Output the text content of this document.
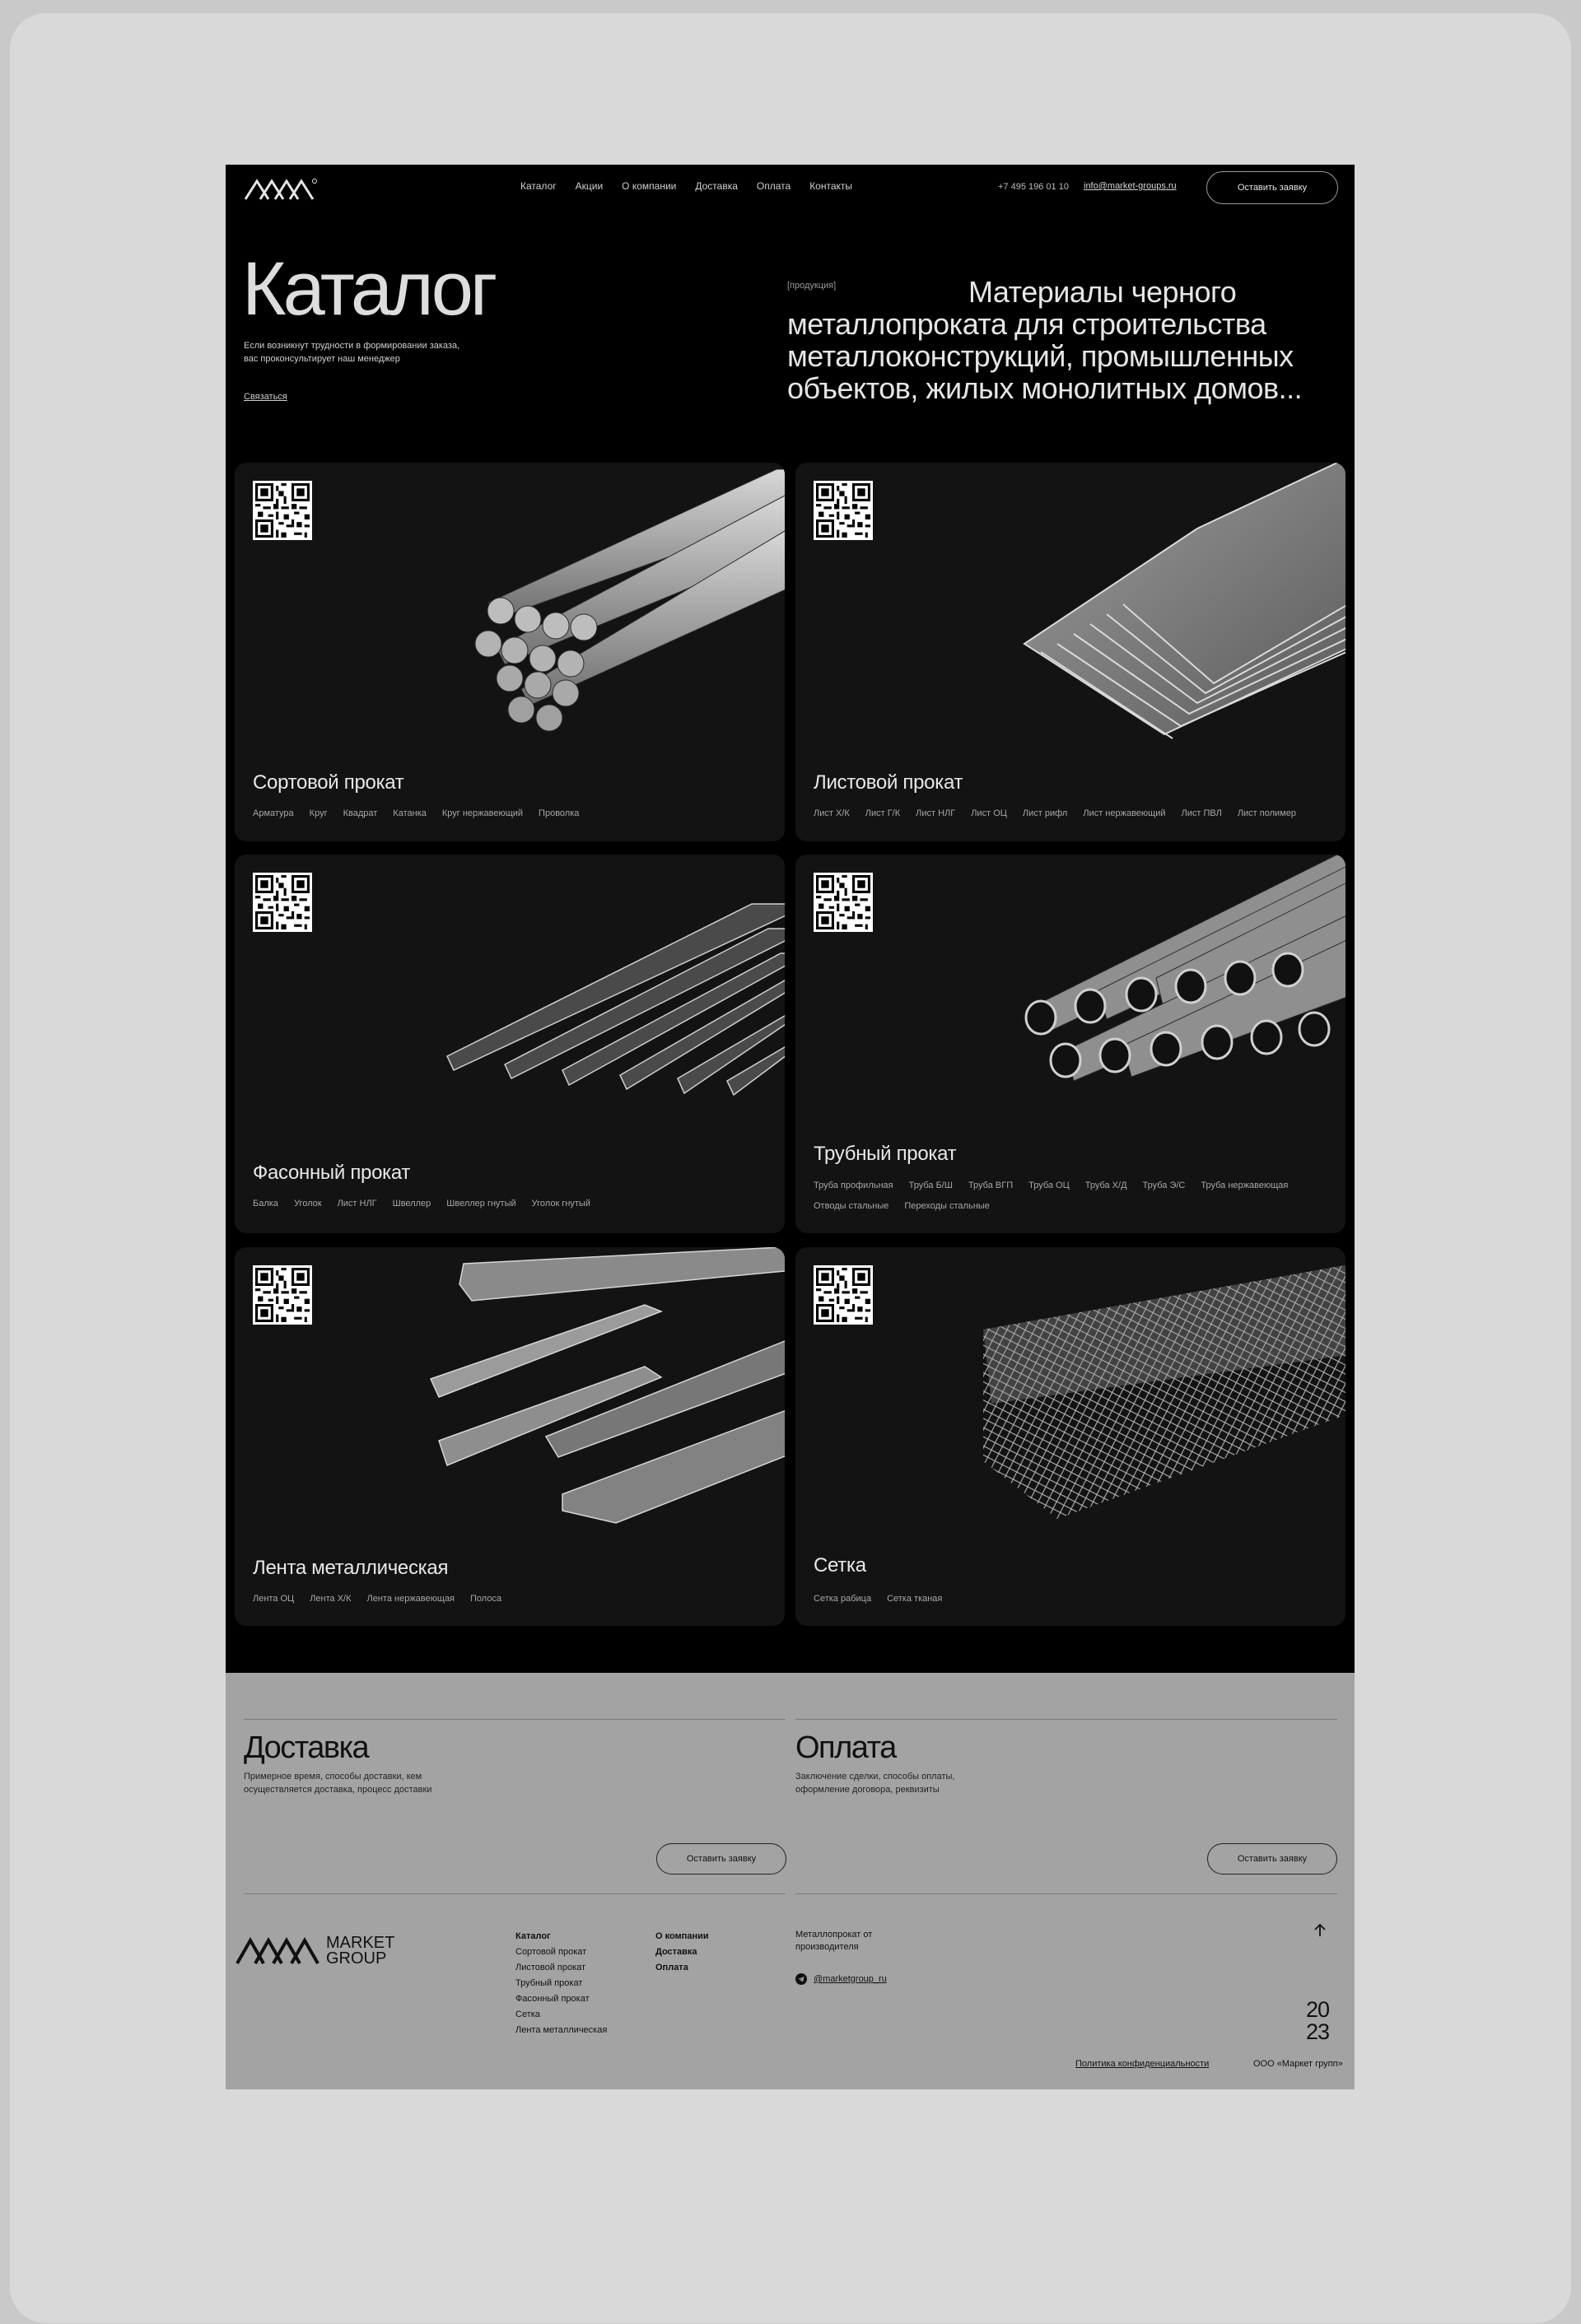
Каталог Акции О компании Доставка Оплата Контакты	+7 495 196 01 10 info@market-groups.ru	Оставить заявку
Каталог
Если возникнут трудности в формировании заказа, вас проконсультирует наш менеджер
Связаться
[продукция]	Материалы черного металлопроката для строительства металлоконструкций, промышленных объектов, жилых монолитных домов...
Сортовой прокат
Арматура Круг Квадрат Катанка Круг нержавеющий Проволка
Листовой прокат
Лист Х/К Лист Г/К Лист НЛГ Лист ОЦ Лист рифл Лист нержавеющий Лист ПВЛ Лист полимер
Фасонный прокат
Балка Уголок Лист НЛГ Швеллер Швеллер гнутый Уголок гнутый
Трубный прокат
Труба профильная Труба Б/Ш Труба ВГП Труба ОЦ Труба Х/Д Труба Э/С Труба нержавеющая
Отводы стальные Переходы стальные
Лента металлическая
Лента ОЦ Лента Х/К Лента нержавеющая Полоса
Сетка
Сетка рабица Сетка тканая
Доставка
Примерное время, способы доставки, кем осуществляется доставка, процесс доставки
Оставить заявку
Оплата
Заключение сделки, способы оплаты, оформление договора, реквизиты
Оставить заявку
MARKET
GROUP
Каталог
Сортовой прокат
Листовой прокат
Трубный прокат
Фасонный прокат
Сетка
Лента металлическая
О компании
Доставка
Оплата
Металлопрокат от производителя
@marketgroup_ru
20
23
Политика конфиденциальности	ООО «Маркет групп»
